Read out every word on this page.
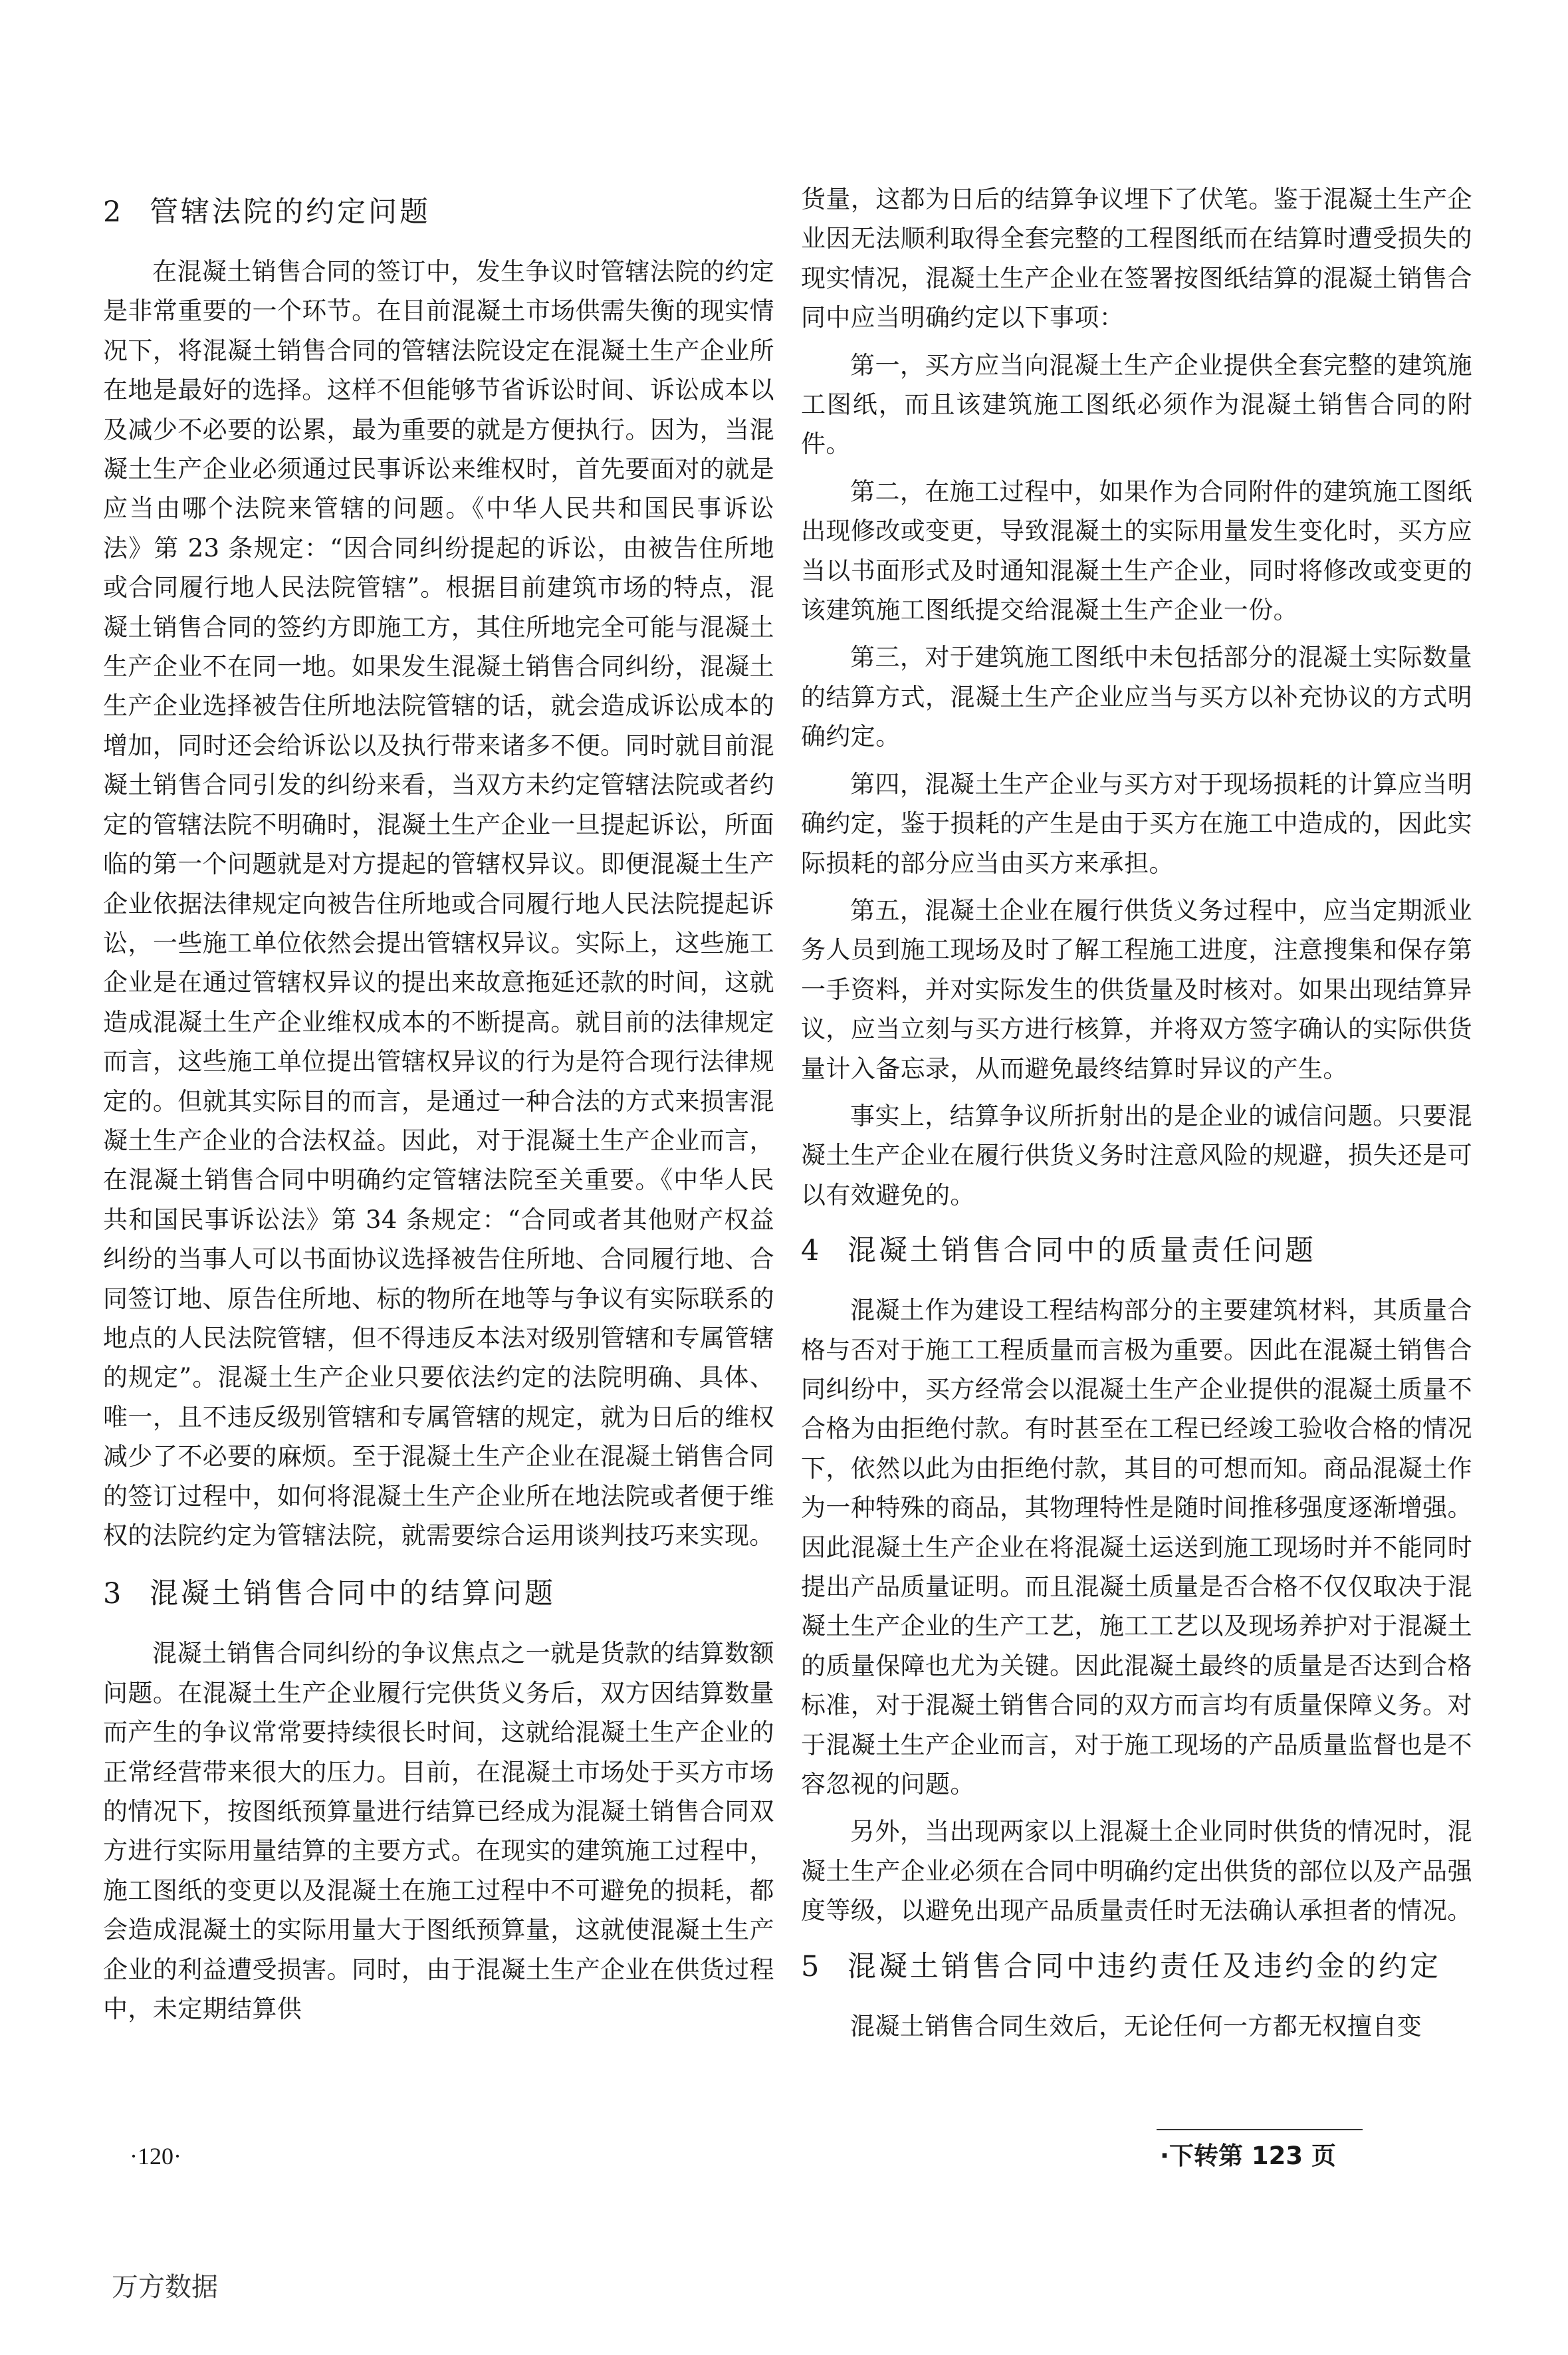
2 管辖法院的约定问题

在混凝土销售合同的签订中，发生争议时管辖法院的约定是非常重要的一个环节。在目前混凝土市场供需失衡的现实情况下，将混凝土销售合同的管辖法院设定在混凝土生产企业所在地是最好的选择。这样不但能够节省诉讼时间、诉讼成本以及减少不必要的讼累，最为重要的就是方便执行。因为，当混凝土生产企业必须通过民事诉讼来维权时，首先要面对的就是应当由哪个法院来管辖的问题。《中华人民共和国民事诉讼法》第 23 条规定：“因合同纠纷提起的诉讼，由被告住所地或合同履行地人民法院管辖”。根据目前建筑市场的特点，混凝土销售合同的签约方即施工方，其住所地完全可能与混凝土生产企业不在同一地。如果发生混凝土销售合同纠纷，混凝土生产企业选择被告住所地法院管辖的话，就会造成诉讼成本的增加，同时还会给诉讼以及执行带来诸多不便。同时就目前混凝土销售合同引发的纠纷来看，当双方未约定管辖法院或者约定的管辖法院不明确时，混凝土生产企业一旦提起诉讼，所面临的第一个问题就是对方提起的管辖权异议。即便混凝土生产企业依据法律规定向被告住所地或合同履行地人民法院提起诉讼，一些施工单位依然会提出管辖权异议。实际上，这些施工企业是在通过管辖权异议的提出来故意拖延还款的时间，这就造成混凝土生产企业维权成本的不断提高。就目前的法律规定而言，这些施工单位提出管辖权异议的行为是符合现行法律规定的。但就其实际目的而言，是通过一种合法的方式来损害混凝土生产企业的合法权益。因此，对于混凝土生产企业而言，在混凝土销售合同中明确约定管辖法院至关重要。《中华人民共和国民事诉讼法》第 34 条规定：“合同或者其他财产权益纠纷的当事人可以书面协议选择被告住所地、合同履行地、合同签订地、原告住所地、标的物所在地等与争议有实际联系的地点的人民法院管辖，但不得违反本法对级别管辖和专属管辖的规定”。混凝土生产企业只要依法约定的法院明确、具体、唯一，且不违反级别管辖和专属管辖的规定，就为日后的维权减少了不必要的麻烦。至于混凝土生产企业在混凝土销售合同的签订过程中，如何将混凝土生产企业所在地法院或者便于维权的法院约定为管辖法院，就需要综合运用谈判技巧来实现。

3 混凝土销售合同中的结算问题

混凝土销售合同纠纷的争议焦点之一就是货款的结算数额问题。在混凝土生产企业履行完供货义务后，双方因结算数量而产生的争议常常要持续很长时间，这就给混凝土生产企业的正常经营带来很大的压力。目前，在混凝土市场处于买方市场的情况下，按图纸预算量进行结算已经成为混凝土销售合同双方进行实际用量结算的主要方式。在现实的建筑施工过程中，施工图纸的变更以及混凝土在施工过程中不可避免的损耗，都会造成混凝土的实际用量大于图纸预算量，这就使混凝土生产企业的利益遭受损害。同时，由于混凝土生产企业在供货过程中，未定期结算供

货量，这都为日后的结算争议埋下了伏笔。鉴于混凝土生产企业因无法顺利取得全套完整的工程图纸而在结算时遭受损失的现实情况，混凝土生产企业在签署按图纸结算的混凝土销售合同中应当明确约定以下事项：

第一，买方应当向混凝土生产企业提供全套完整的建筑施工图纸，而且该建筑施工图纸必须作为混凝土销售合同的附件。

第二，在施工过程中，如果作为合同附件的建筑施工图纸出现修改或变更，导致混凝土的实际用量发生变化时，买方应当以书面形式及时通知混凝土生产企业，同时将修改或变更的该建筑施工图纸提交给混凝土生产企业一份。

第三，对于建筑施工图纸中未包括部分的混凝土实际数量的结算方式，混凝土生产企业应当与买方以补充协议的方式明确约定。

第四，混凝土生产企业与买方对于现场损耗的计算应当明确约定，鉴于损耗的产生是由于买方在施工中造成的，因此实际损耗的部分应当由买方来承担。

第五，混凝土企业在履行供货义务过程中，应当定期派业务人员到施工现场及时了解工程施工进度，注意搜集和保存第一手资料，并对实际发生的供货量及时核对。如果出现结算异议，应当立刻与买方进行核算，并将双方签字确认的实际供货量计入备忘录，从而避免最终结算时异议的产生。

事实上，结算争议所折射出的是企业的诚信问题。只要混凝土生产企业在履行供货义务时注意风险的规避，损失还是可以有效避免的。

4 混凝土销售合同中的质量责任问题

混凝土作为建设工程结构部分的主要建筑材料，其质量合格与否对于施工工程质量而言极为重要。因此在混凝土销售合同纠纷中，买方经常会以混凝土生产企业提供的混凝土质量不合格为由拒绝付款。有时甚至在工程已经竣工验收合格的情况下，依然以此为由拒绝付款，其目的可想而知。商品混凝土作为一种特殊的商品，其物理特性是随时间推移强度逐渐增强。因此混凝土生产企业在将混凝土运送到施工现场时并不能同时提出产品质量证明。而且混凝土质量是否合格不仅仅取决于混凝土生产企业的生产工艺，施工工艺以及现场养护对于混凝土的质量保障也尤为关键。因此混凝土最终的质量是否达到合格标准，对于混凝土销售合同的双方而言均有质量保障义务。对于混凝土生产企业而言，对于施工现场的产品质量监督也是不容忽视的问题。

另外，当出现两家以上混凝土企业同时供货的情况时，混凝土生产企业必须在合同中明确约定出供货的部位以及产品强度等级，以避免出现产品质量责任时无法确认承担者的情况。

5 混凝土销售合同中违约责任及违约金的约定

混凝土销售合同生效后，无论任何一方都无权擅自变

·120·	·下转第 123 页
万方数据
